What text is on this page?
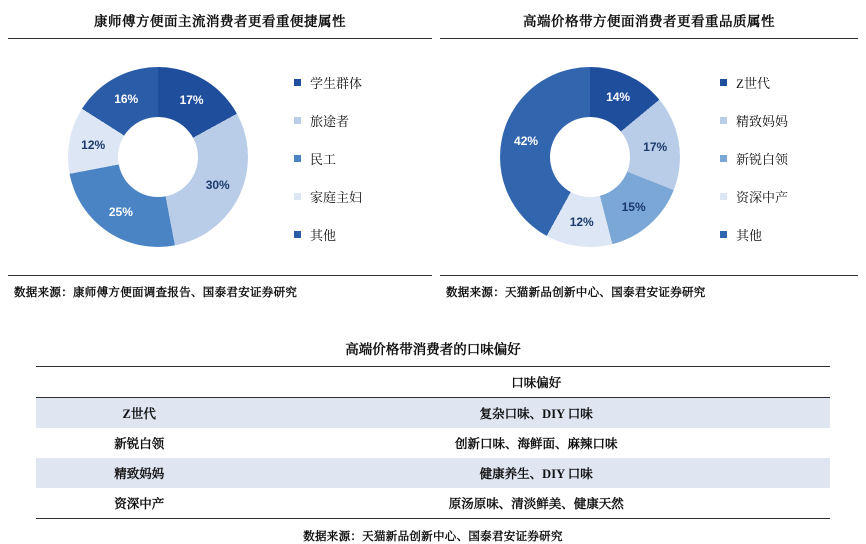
康师傅方便面主流消费者更看重便捷属性
17%
30%
25%
12%
16%
学生群体
旅途者
民工
家庭主妇
其他
数据来源：康师傅方便面调查报告、国泰君安证券研究
高端价格带方便面消费者更看重品质属性
14%
17%
15%
12%
42%
Z世代
精致妈妈
新锐白领
资深中产
其他
数据来源：天猫新品创新中心、国泰君安证券研究
高端价格带消费者的口味偏好
	口味偏好
Z世代	复杂口味、DIY 口味
新锐白领	创新口味、海鲜面、麻辣口味
精致妈妈	健康养生、DIY 口味
资深中产	原汤原味、清淡鲜美、健康天然
数据来源：天猫新品创新中心、国泰君安证券研究
